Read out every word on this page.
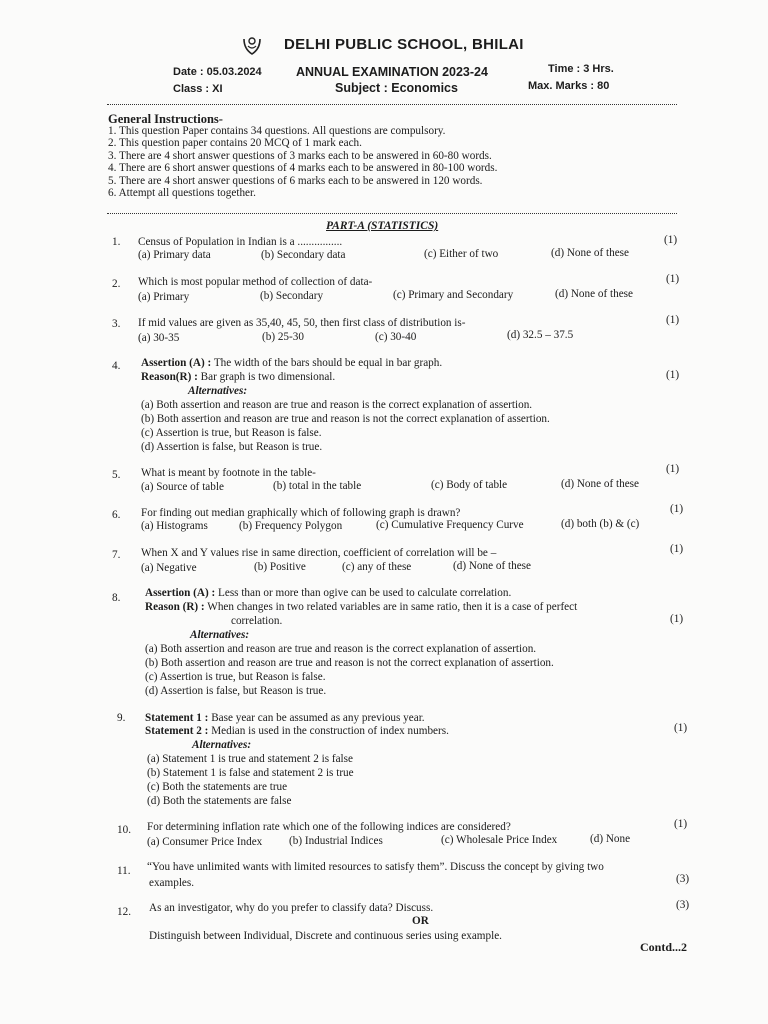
DELHI PUBLIC SCHOOL, BHILAI
Date : 05.03.2024
Class : XI
ANNUAL EXAMINATION 2023-24
Subject : Economics
Time : 3 Hrs.
Max. Marks : 80
General Instructions-
1. This question Paper contains 34 questions. All questions are compulsory.
2. This question paper contains 20 MCQ of 1 mark each.
3. There are 4 short answer questions of 3 marks each to be answered in 60-80 words.
4. There are 6 short answer questions of 4 marks each to be answered in 80-100 words.
5. There are 4 short answer questions of 6 marks each to be answered in 120 words.
6. Attempt all questions together.
PART-A (STATISTICS)
1. Census of Population in Indian is a ................	(1)
(a) Primary data	(b) Secondary data	(c) Either of two	(d) None of these
2. Which is most popular method of collection of data-	(1)
(a) Primary	(b) Secondary	(c) Primary and Secondary	(d) None of these
3. If mid values are given as 35,40, 45, 50, then first class of distribution is-	(1)
(a) 30-35	(b) 25-30	(c) 30-40	(d) 32.5 – 37.5
4. Assertion (A) : The width of the bars should be equal in bar graph.
Reason(R) : Bar graph is two dimensional.	(1)
Alternatives:
(a) Both assertion and reason are true and reason is the correct explanation of assertion.
(b) Both assertion and reason are true and reason is not the correct explanation of assertion.
(c) Assertion is true, but Reason is false.
(d) Assertion is false, but Reason is true.
5. What is meant by footnote in the table-	(1)
(a) Source of table	(b) total in the table	(c) Body of table	(d) None of these
6. For finding out median graphically which of following graph is drawn?	(1)
(a) Histograms	(b) Frequency Polygon	(c) Cumulative Frequency Curve	(d) both (b) & (c)
7. When X and Y values rise in same direction, coefficient of correlation will be –	(1)
(a) Negative	(b) Positive	(c) any of these	(d) None of these
8. Assertion (A) : Less than or more than ogive can be used to calculate correlation.
Reason (R) : When changes in two related variables are in same ratio, then it is a case of perfect
correlation.	(1)
Alternatives:
(a) Both assertion and reason are true and reason is the correct explanation of assertion.
(b) Both assertion and reason are true and reason is not the correct explanation of assertion.
(c) Assertion is true, but Reason is false.
(d) Assertion is false, but Reason is true.
9. Statement 1 : Base year can be assumed as any previous year.
Statement 2 : Median is used in the construction of index numbers.	(1)
Alternatives:
(a) Statement 1 is true and statement 2 is false
(b) Statement 1 is false and statement 2 is true
(c) Both the statements are true
(d) Both the statements are false
10. For determining inflation rate which one of the following indices are considered?	(1)
(a) Consumer Price Index (b) Industrial Indices	(c) Wholesale Price Index	(d) None
11. “You have unlimited wants with limited resources to satisfy them”. Discuss the concept by giving two
examples.	(3)
12. As an investigator, why do you prefer to classify data? Discuss.
OR
Distinguish between Individual, Discrete and continuous series using example.
(3)
Contd...2
